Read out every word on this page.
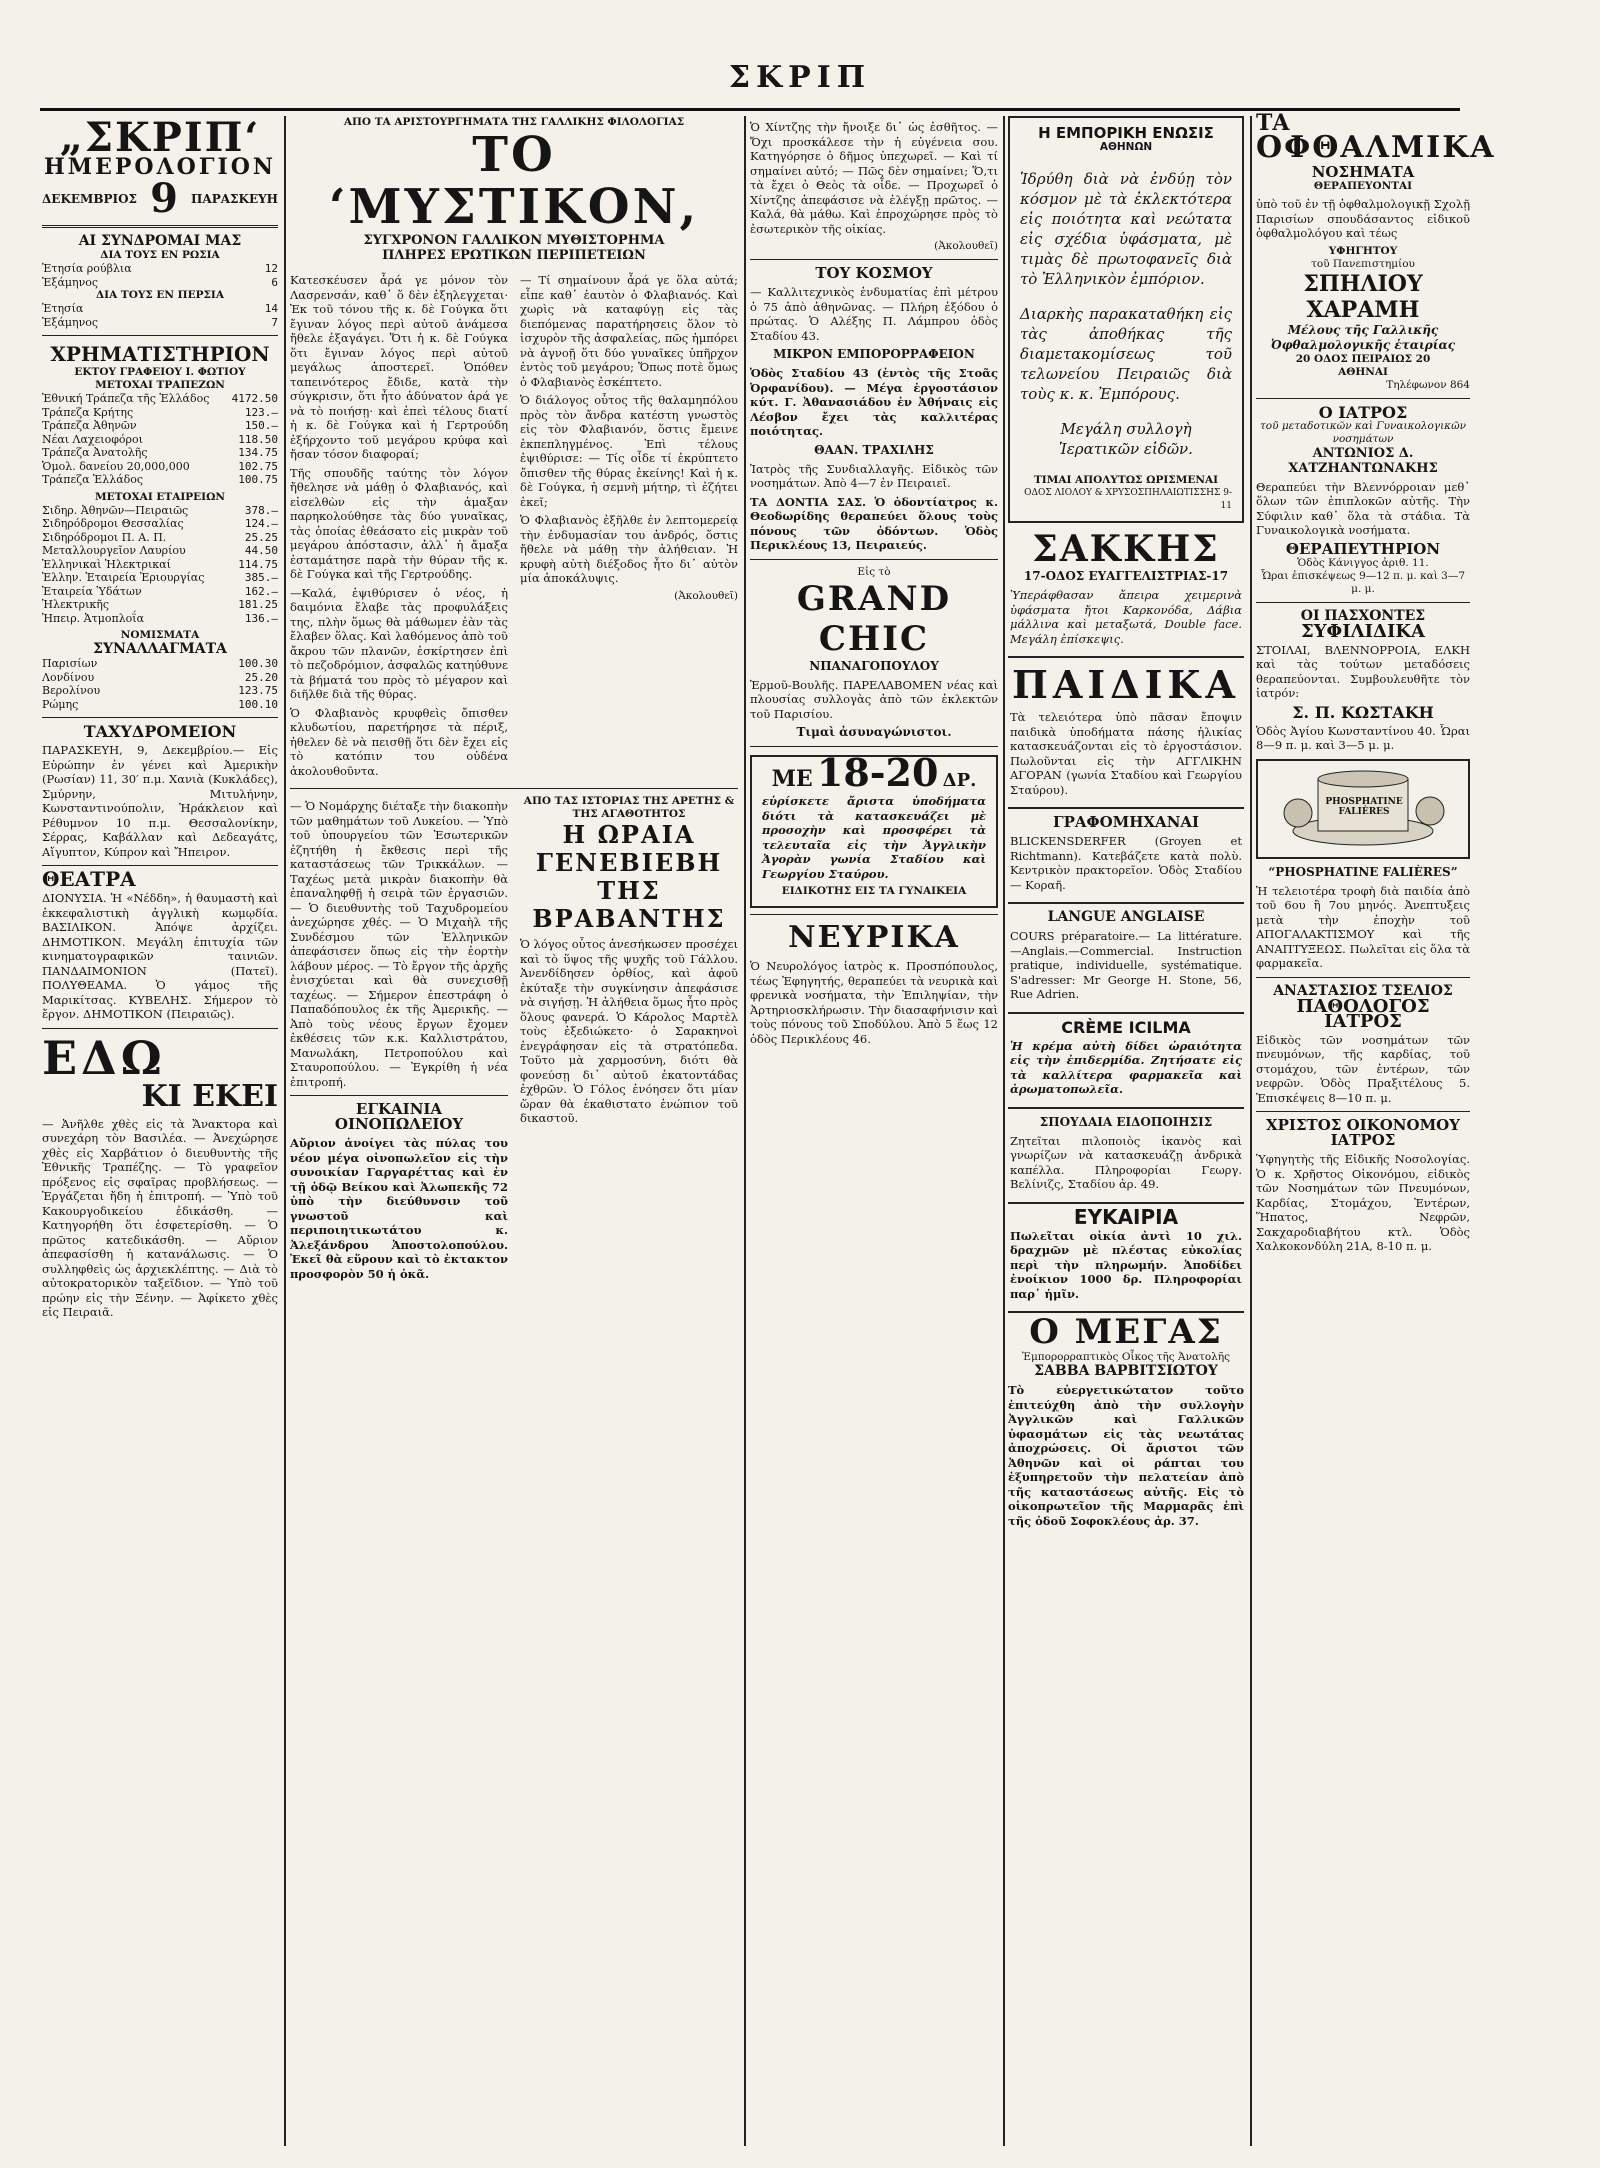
ΣΚΡΙΠ
„ΣΚΡΙΠ‘
ΗΜΕΡΟΛΟΓΙΟΝ
ΔΕΚΕΜΒΡΙΟΣ 9 ΠΑΡΑΣΚΕΥΗ
ΑΙ ΣΥΝΔΡΟΜΑΙ ΜΑΣ
ΔΙΑ ΤΟΥΣ ΕΝ ΡΩΣΙΑ
Ἐτησία ρούβλια	12
Ἐξάμηνος	6
ΔΙΑ ΤΟΥΣ ΕΝ ΠΕΡΣΙΑ
Ἐτησία	14
Ἐξάμηνος	7
ΧΡΗΜΑΤΙΣΤΗΡΙΟΝ
ΕΚΤΟΥ ΓΡΑΦΕΙΟΥ Ι. ΦΩΤΙΟΥ
ΜΕΤΟΧΑΙ ΤΡΑΠΕΖΩΝ
Ἐθνική Τράπεζα τῆς Ἑλλάδος 4172.50
Τράπεζα Κρήτης	123.—
Τράπεζα Ἀθηνῶν	150.—
Νέαι Λαχειοφόροι	118.50
Τράπεζα Ἀνατολῆς	134.75
Ὁμολ. δανείου 20,000,000	102.75
Τράπεζα Ἑλλάδος	100.75
ΜΕΤΟΧΑΙ ΕΤΑΙΡΕΙΩΝ
Σιδηρ. Ἀθηνῶν—Πειραιῶς	378.—
Σιδηρόδρομοι Θεσσαλίας	124.—
Σιδηρόδρομοι Π. Α. Π.	25.25
Μεταλλουργεῖον Λαυρίου	44.50
Ἑλληνικαὶ Ἠλεκτρικαί	114.75
Ἑλλην. Ἑταιρεία Ἐριουργίας	385.—
Ἑταιρεία Ὑδάτων	162.—
Ἠλεκτρικῆς	181.25
Ἠπειρ. Ἀτμοπλοΐα	136.—
ΝΟΜΙΣΜΑΤΑ
ΣΥΝΑΛΛΑΓΜΑΤΑ
Παρισίων	100.30
Λονδίνου	25.20
Βερολίνου	123.75
Ρώμης	100.10
ΤΑΧΥΔΡΟΜΕΙΟΝ
ΠΑΡΑΣΚΕΥΗ, 9, Δεκεμβρίου.— Εἰς Εὐρώπην ἐν γένει καὶ Ἀμερικὴν (Ρωσίαν) 11, 30′ π.μ. Χανιὰ (Κυκλάδες), Σμύρνην, Μιτυλήνην, Κωνσταντινούπολιν, Ἡράκλειον καὶ Ρέθυμνον 10 π.μ. Θεσσαλονίκην, Σέρρας, Καβάλλαν καὶ Δεδεαγάτς, Αἴγυπτον, Κύπρον καὶ Ἤπειρον.
ΘΕΑΤΡΑ
ΔΙΟΝΥΣΙΑ. Ἡ «Νέδδη», ἡ θαυμαστὴ καὶ ἐκκεφαλιστικὴ ἀγγλικὴ κωμῳδία. ΒΑΣΙΛΙΚΟΝ. Ἀπόψε ἀρχίζει. ΔΗΜΟΤΙΚΟΝ. Μεγάλη ἐπιτυχία τῶν κινηματογραφικῶν ταινιῶν. ΠΑΝΔΑΙΜΟΝΙΟΝ (Πατεῖ). ΠΟΛΥΘΕΑΜΑ. Ὁ γάμος τῆς Μαρικίτσας. ΚΥΒΕΛΗΣ. Σήμερον τὸ ἔργον. ΔΗΜΟΤΙΚΟΝ (Πειραιῶς).
ΕΔΩ
ΚΙ ΕΚΕΙ
— Ἀνῆλθε χθὲς εἰς τὰ Ἄνακτορα καὶ συνεχάρη τὸν Βασιλέα. — Ἀνεχώρησε χθὲς εἰς Χαρβάτιον ὁ διευθυντὴς τῆς Ἐθνικῆς Τραπέζης. — Τὸ γραφεῖον πρόξενος εἰς σφαῖρας προβλήσεως. — Ἐργάζεται ἤδη ἡ ἐπιτροπή. — Ὑπὸ τοῦ Κακουργοδικείου ἐδικάσθη. — Κατηγορήθη ὅτι ἐσφετερίσθη. — Ὁ πρῶτος κατεδικάσθη. — Αὔριον ἀπεφασίσθη ἡ κατανάλωσις. — Ὁ συλληφθεὶς ὡς ἀρχιεκλέπτης. — Διὰ τὸ αὐτοκρατορικὸν ταξεῖδιον. — Ὑπὸ τοῦ πρώην εἰς τὴν Ξένην. — Ἀφίκετο χθὲς εἰς Πειραιᾶ.
ΑΠΟ ΤΑ ΑΡΙΣΤΟΥΡΓΗΜΑΤΑ ΤΗΣ ΓΑΛΛΙΚΗΣ ΦΙΛΟΛΟΓΙΑΣ
ΤΟ ‘ΜΥΣΤΙΚΟΝ,
ΣΥΓΧΡΟΝΟΝ ΓΑΛΛΙΚΟΝ ΜΥΘΙΣΤΟΡΗΜΑ
ΠΛΗΡΕΣ ΕΡΩΤΙΚΩΝ ΠΕΡΙΠΕΤΕΙΩΝ

Κατεσκέυσεν ἆρά γε μόνον τὸν Λασρενσάν, καθ᾽ ὅ δὲν ἐξηλεγχεται· Ἐκ τοῦ τόνου τῆς κ. δὲ Γούγκα ὅτι ἔγιναν λόγος περὶ αὐτοῦ ἀνάμεσα ἤθελε ἐξαγάγει. Ὅτι ἡ κ. δὲ Γούγκα ὅτι ἔγιναν λόγος περὶ αὐτοῦ μεγάλως ἀποστερεῖ. Ὁπόθεν ταπεινότερος ἔδιδε, κατὰ τὴν σύγκρισιν, ὅτι ἦτο ἀδύνατον ἀρά γε νὰ τὸ ποιήσῃ· καὶ ἐπεὶ τέλους διατί ἡ κ. δὲ Γούγκα καὶ ἡ Γερτρούδη ἐξήρχοντο τοῦ μεγάρου κρύφα καὶ ἤσαν τόσον διαφοραί;

Τῆς σπουδῆς ταύτης τὸν λόγον ἤθελησε νὰ μάθῃ ὁ Φλαβιανός, καὶ εἰσελθὼν εἰς τὴν ἁμαξαν παρηκολούθησε τὰς δύο γυναῖκας, τὰς ὁποίας ἐθεάσατο εἰς μικρὰν τοῦ μεγάρου ἀπόστασιν, ἀλλ᾽ ἡ ἄμαξα ἐσταμάτησε παρὰ τὴν θύραν τῆς κ. δὲ Γούγκα καὶ τῆς Γερτρούδης.

—Καλά, ἐψιθύρισεν ὁ νέος, ἡ δαιμόνια ἔλαβε τὰς προφυλάξεις της, πλὴν ὅμως θὰ μάθωμεν ἐὰν τὰς ἔλαβεν ὅλας. Καὶ λαθόμενος ἀπὸ τοῦ ἄκρου τῶν πλανῶν, ἐσκίρτησεν ἐπὶ τὸ πεζοδρόμιον, ἀσφαλῶς κατηύθυνε τὰ βήματά του πρὸς τὸ μέγαρον καὶ διῆλθε διὰ τῆς θύρας.

Ὁ Φλαβιανὸς κρυφθεὶς ὄπισθεν κλυδωτίου, παρετήρησε τὰ πέριξ, ἠθελεν δὲ νὰ πεισθῇ ὅτι δὲν ἔχει εἰς τὸ κατόπιν του οὐδένα ἀκολουθοῦντα.

— Τί σημαίνουν ἆρά γε ὅλα αὐτά; εἶπε καθ᾽ ἑαυτὸν ὁ Φλαβιανός. Καὶ χωρὶς νὰ καταφύγῃ εἰς τὰς διεπόμενας παρατήρησεις ὅλον τὸ ἰσχυρὸν τῆς ἀσφαλείας, πῶς ἠμπόρει νὰ ἀγνοῇ ὅτι δύο γυναῖκες ὑπῆρχον ἐντὸς τοῦ μεγάρου; Ὅπως ποτὲ ὅμως ὁ Φλαβιανὸς ἐσκέπτετο.

Ὁ διάλογος οὗτος τῆς θαλαμηπόλου πρὸς τὸν ἄνδρα κατέστη γνωστὸς εἰς τὸν Φλαβιανόν, ὅστις ἔμεινε ἐκπεπληγμένος. Ἐπὶ τέλους ἐψιθύρισε: — Τίς οἶδε τί ἐκρύπτετο ὄπισθεν τῆς θύρας ἐκείνης! Καὶ ἡ κ. δὲ Γούγκα, ἡ σεμνὴ μήτηρ, τὶ ἐζήτει ἐκεῖ;

Ὁ Φλαβιανὸς ἐξῆλθε ἐν λεπτομερείᾳ τὴν ἐνδυμασίαν του ἀνδρός, ὅστις ἤθελε νὰ μάθῃ τὴν ἀλήθειαν. Ἡ κρυφὴ αὐτὴ διέξοδος ἦτο δι᾽ αὐτὸν μία ἀποκάλυψις.

(Ἀκολουθεῖ)

— Ὁ Νομάρχης διέταξε τὴν διακοπὴν τῶν μαθημάτων τοῦ Λυκείου. — Ὑπὸ τοῦ ὑπουργείου τῶν Ἐσωτερικῶν ἐζητήθη ἡ ἔκθεσις περὶ τῆς καταστάσεως τῶν Τρικκάλων. — Ταχέως μετὰ μικρὰν διακοπὴν θὰ ἐπαναληφθῇ ἡ σειρὰ τῶν ἐργασιῶν. — Ὁ διευθυντὴς τοῦ Ταχυδρομείου ἀνεχώρησε χθές. — Ὁ Μιχαὴλ τῆς Συνδέσμου τῶν Ἑλληνικῶν ἀπεφάσισεν ὅπως εἰς τὴν ἑορτὴν λάβουν μέρος. — Τὸ ἔργον τῆς ἀρχῆς ἐνισχύεται καὶ θὰ συνεχισθῇ ταχέως. — Σήμερον ἐπεστράφη ὁ Παπαδόπουλος ἐκ τῆς Ἀμερικῆς. — Ἀπὸ τοὺς νέους ἔργων ἔχομεν ἐκθέσεις τῶν κ.κ. Καλλιστράτου, Μανωλάκη, Πετροπούλου καὶ Σταυροπούλου. — Ἐγκρίθη ἡ νέα ἐπιτροπή.

ΕΓΚΑΙΝΙΑ ΟΙΝΟΠΩΛΕΙΟΥ

Αὔριον ἀνοίγει τὰς πύλας του νέον μέγα οἰνοπωλεῖον εἰς τὴν συνοικίαν Γαργαρέττας καὶ ἐν τῇ ὁδῷ Βείκου καὶ Ἀλωπεκῆς 72 ὑπὸ τὴν διεύθυνσιν τοῦ γνωστοῦ καὶ περιποιητικωτάτου κ. Ἀλεξάνδρου Ἀποστολοπούλου. Ἐκεῖ θὰ εὕρουν καὶ τὸ ἐκτακτον προσφορὸν 50 ἡ ὀκᾶ.

ΑΠΟ ΤΑΣ ΙΣΤΟΡΙΑΣ ΤΗΣ ΑΡΕΤΗΣ & ΤΗΣ ΑΓΑΘΟΤΗΤΟΣ
Η ΩΡΑΙΑ ΓΕΝΕΒΙΕΒΗ
ΤΗΣ ΒΡΑΒΑΝΤΗΣ

Ὁ λόγος οὗτος ἀνεσήκωσεν προσέχει καὶ τὸ ὕψος τῆς ψυχῆς τοῦ Γάλλου. Ἀνενδίδησεν ὀρθίος, καὶ ἀφοῦ ἐκύταξε τὴν συγκίνησιν ἀπεφάσισε νὰ σιγήσῃ. Ἡ ἀλήθεια ὅμως ἦτο πρὸς ὅλους φανερά. Ὁ Κάρολος Μαρτὲλ τοὺς ἐξεδιώκετο· ὁ Σαρακηνοὶ ἐνεγράφησαν εἰς τὰ στρατόπεδα. Τοῦτο μὰ χαρμοσύνη, διότι θὰ φονεύσῃ δι᾽ αὐτοῦ ἐκατοντάδας ἐχθρῶν. Ὁ Γόλος ἐνόησεν ὅτι μίαν ὥραν θὰ ἐκαθιστατο ἐνώπιον τοῦ δικαστοῦ.

Ὁ Χίντζης τὴν ἤνοιξε δι᾽ ὡς ἐσθῆτος. — Ὄχι προσκάλεσε τὴν ἡ εὐγένεια σου. Κατηγόρησε ὁ δῆμος ὑπεχωρεῖ. — Καὶ τί σημαίνει αὐτό; — Πῶς δὲν σημαίνει; Ὅ,τι τὰ ἔχει ὁ Θεὸς τὰ οἶδε. — Προχωρεῖ ὁ Χίντζης ἀπεφάσισε νὰ ἐλέγξῃ πρῶτος. — Καλά, θὰ μάθω. Καὶ ἐπροχώρησε πρὸς τὸ ἐσωτερικὸν τῆς οἰκίας.

(Ἀκολουθεῖ)
ΤΟΥ ΚΟΣΜΟΥ

— Καλλιτεχνικὸς ἐνδυματίας ἐπὶ μέτρου ὁ 75 ἀπὸ ἀθηνῶνας. — Πλήρη ἐξόδου ὁ πρώτας. Ὁ Αλέξης Π. Λάμπρου ὁδὸς Σταδίου 43.

ΜΙΚΡΟΝ ΕΜΠΟΡΟΡΡΑΦΕΙΟΝ

Ὁδὸς Σταδίου 43 (ἐντὸς τῆς Στοᾶς Ὀρφανίδου). — Μέγα ἐργοστάσιον κύτ. Γ. Ἀθανασιάδου ἐν Ἀθήναις εἰς Λέσβον ἔχει τὰς καλλιτέρας ποιότητας.

ΘΑΑΝ. ΤΡΑΧΙΛΗΣ

Ἰατρὸς τῆς Συνδιαλλαγῆς. Εἰδικὸς τῶν νοσημάτων. Ἀπὸ 4—7 ἐν Πειραιεῖ.

ΤΑ ΔΟΝΤΙΑ ΣΑΣ. Ὁ ὀδοντίατρος κ. Θεοδωρίδης θεραπεύει ὅλους τοὺς πόνους τῶν ὀδόντων. Ὁδὸς Περικλέους 13, Πειραιεύς.

Εἰς τὸ
GRAND CHIC
ΝΠΑΝΑΓΟΠΟΥΛΟΥ

Ἑρμοῦ-Βουλῆς. ΠΑΡΕΛΑΒΟΜΕΝ νέας καὶ πλουσίας συλλογὰς ἀπὸ τῶν ἐκλεκτῶν τοῦ Παρισίου.

Τιμαὶ ἀσυναγώνιστοι.
ΜΕ 18-20 ΔΡ.

εὑρίσκετε ἄριστα ὑποδήματα διότι τὰ κατασκευάζει μὲ προσοχὴν καὶ προσφέρει τὰ τελευταῖα εἰς τὴν Ἀγγλικὴν Ἀγορὰν γωνία Σταδίου καὶ Γεωργίου Σταύρου.

ΕΙΔΙΚΟΤΗΣ ΕΙΣ ΤΑ ΓΥΝΑΙΚΕΙΑ
ΝΕΥΡΙΚΑ

Ὁ Νευρολόγος ἰατρὸς κ. Προσπόπουλος, τέως Ἐφηγητής, θεραπεύει τὰ νευρικὰ καὶ φρενικὰ νοσήματα, τὴν Ἐπιληψίαν, τὴν Ἀρτηριοσκλήρωσιν. Τὴν διασαφήνισιν καὶ τοὺς πόνους τοῦ Σποδύλου. Ἀπὸ 5 ἕως 12 ὁδὸς Περικλέους 46.

Η ΕΜΠΟΡΙΚΗ ΕΝΩΣΙΣ
ΑΘΗΝΩΝ

Ἱδρύθη διὰ νὰ ἐνδύῃ τὸν κόσμον μὲ τὰ ἐκλεκτότερα εἰς ποιότητα καὶ νεώτατα εἰς σχέδια ὑφάσματα, μὲ τιμὰς δὲ πρωτοφανεῖς διὰ τὸ Ἑλληνικὸν ἐμπόριον.

Διαρκὴς παρακαταθήκη εἰς τὰς ἀποθήκας τῆς διαμετακομίσεως τοῦ τελωνείου Πειραιῶς διὰ τοὺς κ. κ. Ἐμπόρους.

Μεγάλη συλλογὴ Ἱερατικῶν εἰδῶν.

ΤΙΜΑΙ ΑΠΟΛΥΤΩΣ ΩΡΙΣΜΕΝΑΙ
ΟΔΟΣ ΛΙΟΛΟΥ & ΧΡΥΣΟΣΠΗΛΑΙΩΤΙΣΣΗΣ 9-11
ΣΑΚΚΗΣ
17-ΟΔΟΣ ΕΥΑΓΓΕΛΙΣΤΡΙΑΣ-17

Ὑπεράφθασαν ἄπειρα χειμερινὰ ὑφάσματα ἤτοι Καρκονόδα, Δάβια μάλλινα καὶ μεταξωτά, Double face. Μεγάλη ἐπίσκεψις.

ΠΑΙΔΙΚΑ

Τὰ τελειότερα ὑπὸ πᾶσαν ἔποψιν παιδικὰ ὑποδήματα πάσης ἡλικίας κατασκευάζονται εἰς τὸ ἐργοστάσιον. Πωλοῦνται εἰς τὴν ΑΓΓΛΙΚΗΝ ΑΓΟΡΑΝ (γωνία Σταδίου καὶ Γεωργίου Σταύρου).

ΓΡΑΦΟΜΗΧΑΝΑΙ

BLICKENSDERFER (Groyen et Richtmann). Κατεβάζετε κατὰ πολὺ. Κεντρικὸν πρακτορεῖον. Ὁδὸς Σταδίου — Κοραῆ.

LANGUE ANGLAISE

COURS préparatoire.— La littérature.—Anglais.—Commercial. Instruction pratique, individuelle, systématique. S'adresser: Mr George H. Stone, 56, Rue Adrien.

CRÈME ICILMA

Ἡ κρέμα αὐτὴ δίδει ὡραιότητα εἰς τὴν ἐπιδερμίδα. Ζητήσατε εἰς τὰ καλλίτερα φαρμακεῖα καὶ ἀρωματοπωλεῖα.

ΣΠΟΥΔΑΙΑ ΕΙΔΟΠΟΙΗΣΙΣ

Ζητεῖται πιλοποιὸς ἱκανὸς καὶ γνωρίζων νὰ κατασκευάζῃ ἀνδρικὰ καπέλλα. Πληροφορίαι Γεωργ. Βελίνιζς, Σταδίου ἀρ. 49.

ΕΥΚΑΙΡΙΑ

Πωλεῖται οἰκία ἀντὶ 10 χιλ. δραχμῶν μὲ πλέστας εὐκολίας περὶ τὴν πληρωμήν. Ἀποδίδει ἐνοίκιον 1000 δρ. Πληροφορίαι παρ᾽ ἡμῖν.

Ο ΜΕΓΑΣ
Ἐμπορορραπτικὸς Οἶκος τῆς Ἀνατολῆς
ΣΑΒΒΑ ΒΑΡΒΙΤΣΙΩΤΟΥ

Τὸ εὐεργετικώτατον τοῦτο ἐπιτεύχθη ἀπὸ τὴν συλλογὴν Ἀγγλικῶν καὶ Γαλλικῶν ὑφασμάτων εἰς τὰς νεωτάτας ἀποχρώσεις. Οἱ ἄριστοι τῶν Ἀθηνῶν καὶ οἱ ράπται του ἐξυπηρετοῦν τὴν πελατείαν ἀπὸ τῆς καταστάσεως αὐτῆς. Εἰς τὸ οἰκοπρωτεῖον τῆς Μαρμαρᾶς ἐπὶ τῆς ὁδοῦ Σοφοκλέους ἀρ. 37.

ΤΑ
ΟΦΘΑΛΜΙΚΑ
ΝΟΣΗΜΑΤΑ
ΘΕΡΑΠΕΥΟΝΤΑΙ

ὑπὸ τοῦ ἐν τῇ ὀφθαλμολογικῇ Σχολῇ Παρισίων σπουδάσαντος εἰδικοῦ ὀφθαλμολόγου καὶ τέως

ΥΦΗΓΗΤΟΥ
τοῦ Πανεπιστημίου
ΣΠΗΛΙΟΥ ΧΑΡΑΜΗ
Μέλους τῆς Γαλλικῆς Ὀφθαλμολογικῆς ἑταιρίας
20 ΟΔΟΣ ΠΕΙΡΑΙΩΣ 20
ΑΘΗΝΑΙ
Τηλέφωνον 864
Ο ΙΑΤΡΟΣ
τοῦ μεταδοτικῶν καὶ Γυναικολογικῶν νοσημάτων
ΑΝΤΩΝΙΟΣ Δ. ΧΑΤΖΗΑΝΤΩΝΑΚΗΣ

Θεραπεύει τὴν Βλεννόρροιαν μεθ᾽ ὅλων τῶν ἐπιπλοκῶν αὐτῆς. Τὴν Σύφιλιν καθ᾽ ὅλα τὰ στάδια. Τὰ Γυναικολογικὰ νοσήματα.

ΘΕΡΑΠΕΥΤΗΡΙΟΝ
Ὁδὸς Κάνιγγος ἀριθ. 11.
Ὧραι ἐπισκέψεως 9—12 π. μ. καὶ 3—7 μ. μ.
ΟΙ ΠΑΣΧΟΝΤΕΣ
ΣΥΦΙΛΙΔΙΚΑ

ΣΤΟΙΛΑΙ, ΒΛΕΝΝΟΡΡΟΙΑ, ΕΛΚΗ καὶ τὰς τούτων μεταδόσεις θεραπεύονται. Συμβουλευθῆτε τὸν ἰατρόν:

Σ. Π. ΚΩΣΤΑΚΗ

Ὁδὸς Ἀγίου Κωνσταντίνου 40. Ὧραι 8—9 π. μ. καὶ 3—5 μ. μ.

PHOSPHATINE FALIÈRES
“PHOSPHATINE FALIÈRES”

Ἡ τελειοτέρα τροφὴ διὰ παιδία ἀπὸ τοῦ 6ου ἢ 7ου μηνός. Ἀνεπτυξεις μετὰ τὴν ἐποχὴν τοῦ ΑΠΟΓΑΛΑΚΤΙΣΜΟΥ καὶ τῆς ΑΝΑΠΤΥΞΕΩΣ. Πωλεῖται εἰς ὅλα τὰ φαρμακεῖα.

ΑΝΑΣΤΑΣΙΟΣ ΤΣΕΛΙΟΣ
ΠΑΘΟΛΟΓΟΣ ΙΑΤΡΟΣ

Εἰδικὸς τῶν νοσημάτων τῶν πνευμόνων, τῆς καρδίας, τοῦ στομάχου, τῶν ἐντέρων, τῶν νεφρῶν. Ὁδὸς Πραξιτέλους 5. Ἐπισκέψεις 8—10 π. μ.

ΧΡΙΣΤΟΣ ΟΙΚΟΝΟΜΟΥ
ΙΑΤΡΟΣ

Ὑφηγητὴς τῆς Εἰδικῆς Νοσολογίας. Ὁ κ. Χρῆστος Οἰκονόμου, εἰδικὸς τῶν Νοσημάτων τῶν Πνευμόνων, Καρδίας, Στομάχου, Ἐντέρων, Ἥπατος, Νεφρῶν, Σακχαροδιαβήτου κτλ. Ὁδὸς Χαλκοκονδύλη 21Α, 8-10 π. μ.
